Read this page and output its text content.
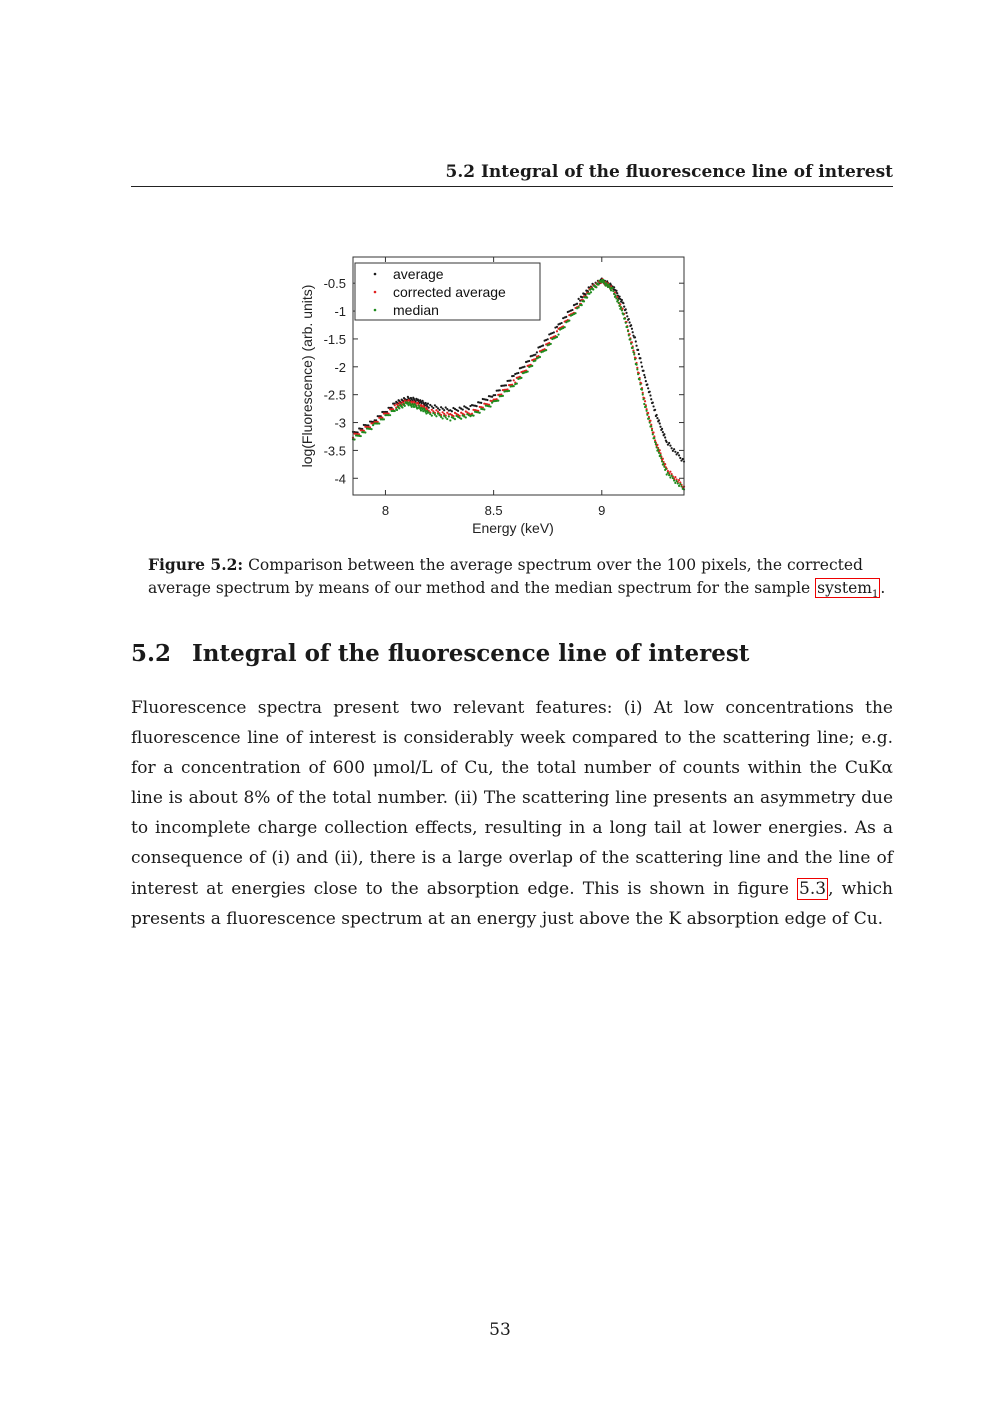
5.2 Integral of the fluorescence line of interest
8	8.5	9
-0.5
-1
-1.5
-2
-2.5
-3
-3.5
-4
Energy (keV)
log(Fluorescence) (arb. units)
average
corrected average
median
Figure 5.2: Comparison between the average spectrum over the 100 pixels, the corrected average spectrum by means of our method and the median spectrum for the sample system$_1$ .
5.2 Integral of the fluorescence line of interest
Fluorescence spectra present two relevant features: (i) At low concentrations the fluorescence line of interest is considerably week compared to the scattering line; e.g. for a concentration of 600 μmol/L of Cu, the total number of counts within the CuKα line is about 8% of the total number. (ii) The scattering line presents an asymmetry due to incomplete charge collection effects, resulting in a long tail at lower energies. As a consequence of (i) and (ii), there is a large overlap of the scattering line and the line of interest at energies close to the absorption edge. This is shown in figure 5.3 , which presents a fluorescence spectrum at an energy just above the K absorption edge of Cu.
53
